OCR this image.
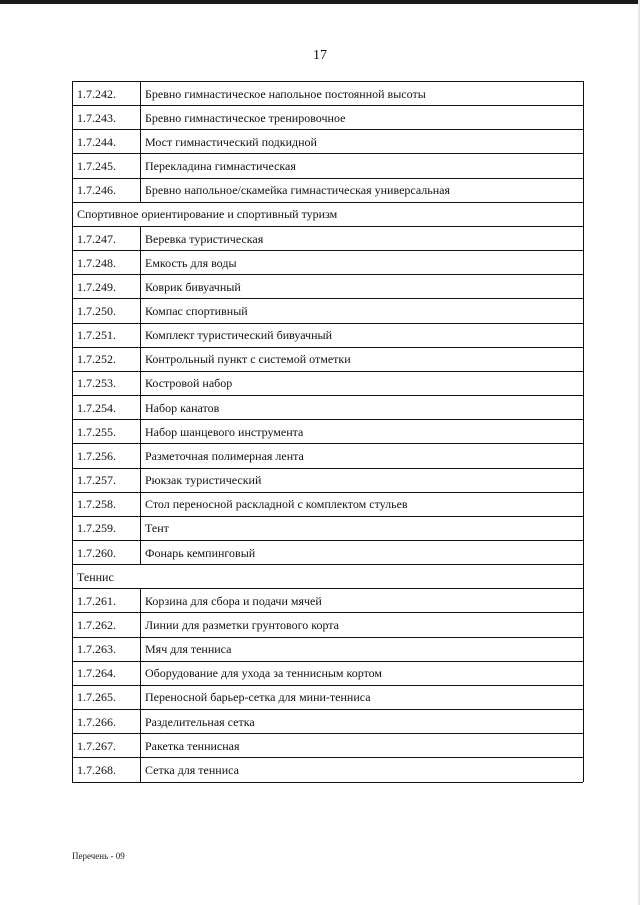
17
1.7.242.	Бревно гимнастическое напольное постоянной высоты
1.7.243.	Бревно гимнастическое тренировочное
1.7.244.	Мост гимнастический подкидной
1.7.245.	Перекладина гимнастическая
1.7.246.	Бревно напольное/скамейка гимнастическая универсальная
Спортивное ориентирование и спортивный туризм	
1.7.247.	Веревка туристическая
1.7.248.	Емкость для воды
1.7.249.	Коврик бивуачный
1.7.250.	Компас спортивный
1.7.251.	Комплект туристический бивуачный
1.7.252.	Контрольный пункт с системой отметки
1.7.253.	Костровой набор
1.7.254.	Набор канатов
1.7.255.	Набор шанцевого инструмента
1.7.256.	Разметочная полимерная лента
1.7.257.	Рюкзак туристический
1.7.258.	Стол переносной раскладной с комплектом стульев
1.7.259.	Тент
1.7.260.	Фонарь кемпинговый
Теннис	
1.7.261.	Корзина для сбора и подачи мячей
1.7.262.	Линии для разметки грунтового корта
1.7.263.	Мяч для тенниса
1.7.264.	Оборудование для ухода за теннисным кортом
1.7.265.	Переносной барьер-сетка для мини-тенниса
1.7.266.	Разделительная сетка
1.7.267.	Ракетка теннисная
1.7.268.	Сетка для тенниса
Перечень - 09
